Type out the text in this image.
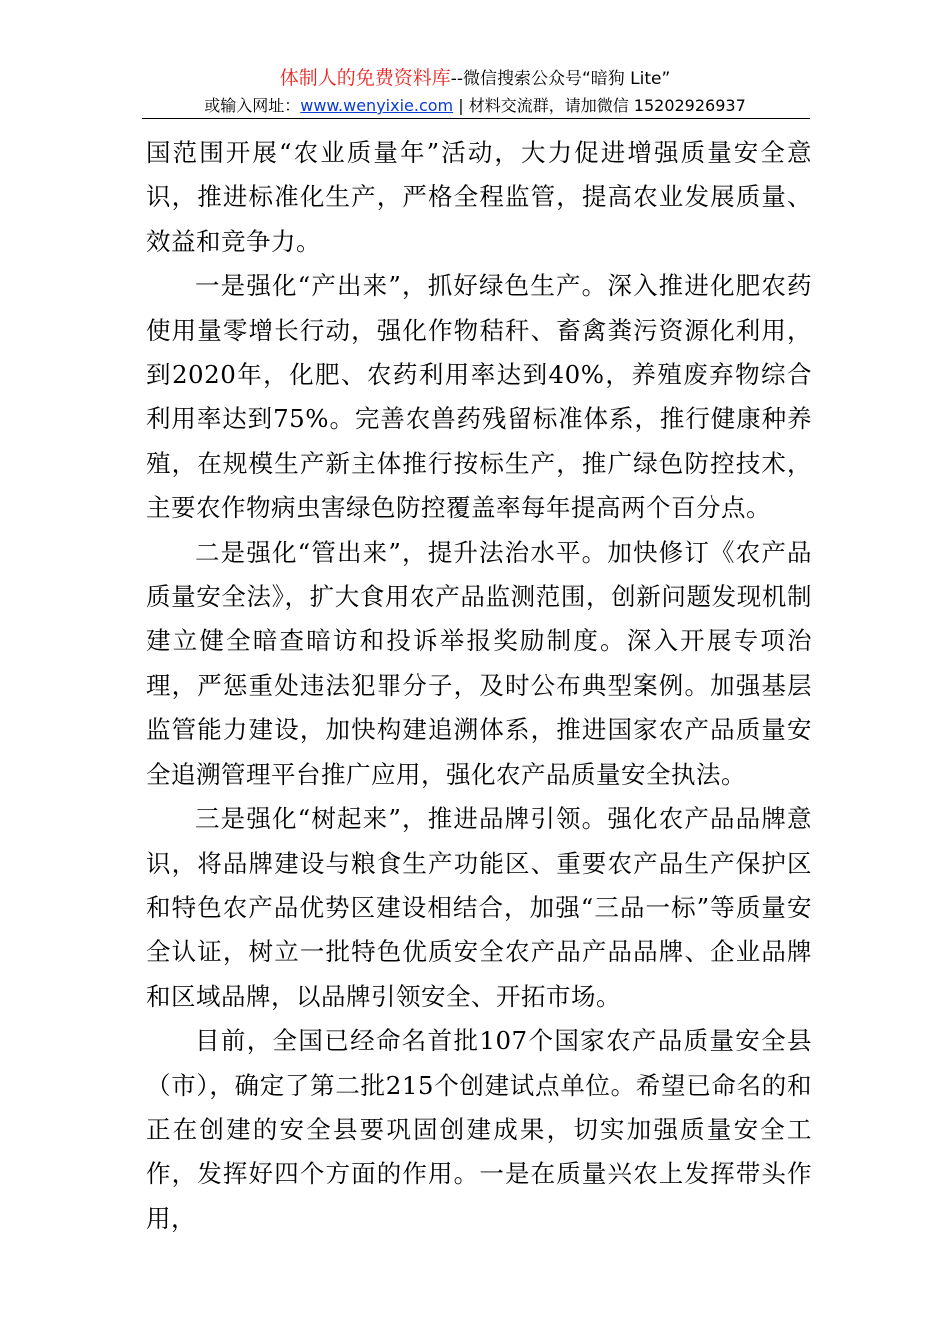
体制人的免费资料库--微信搜索公众号“暗狗 Lite”
或输入网址：www.wenyixie.com | 材料交流群，请加微信 15202926937

国范围开展“农业质量年”活动，大力促进增强质量安全意识，推进标准化生产，严格全程监管，提高农业发展质量、效益和竞争力。

一是强化“产出来”，抓好绿色生产。深入推进化肥农药使用量零增长行动，强化作物秸秆、畜禽粪污资源化利用，到2020年，化肥、农药利用率达到40%，养殖废弃物综合利用率达到75%。完善农兽药残留标准体系，推行健康种养殖，在规模生产新主体推行按标生产，推广绿色防控技术，主要农作物病虫害绿色防控覆盖率每年提高两个百分点。

二是强化“管出来”，提升法治水平。加快修订《农产品质量安全法》，扩大食用农产品监测范围，创新问题发现机制建立健全暗查暗访和投诉举报奖励制度。深入开展专项治理，严惩重处违法犯罪分子，及时公布典型案例。加强基层监管能力建设，加快构建追溯体系，推进国家农产品质量安全追溯管理平台推广应用，强化农产品质量安全执法。

三是强化“树起来”，推进品牌引领。强化农产品品牌意识，将品牌建设与粮食生产功能区、重要农产品生产保护区和特色农产品优势区建设相结合，加强“三品一标”等质量安全认证，树立一批特色优质安全农产品产品品牌、企业品牌和区域品牌，以品牌引领安全、开拓市场。

目前，全国已经命名首批107个国家农产品质量安全县（市），确定了第二批215个创建试点单位。希望已命名的和正在创建的安全县要巩固创建成果，切实加强质量安全工作，发挥好四个方面的作用。一是在质量兴农上发挥带头作用，
